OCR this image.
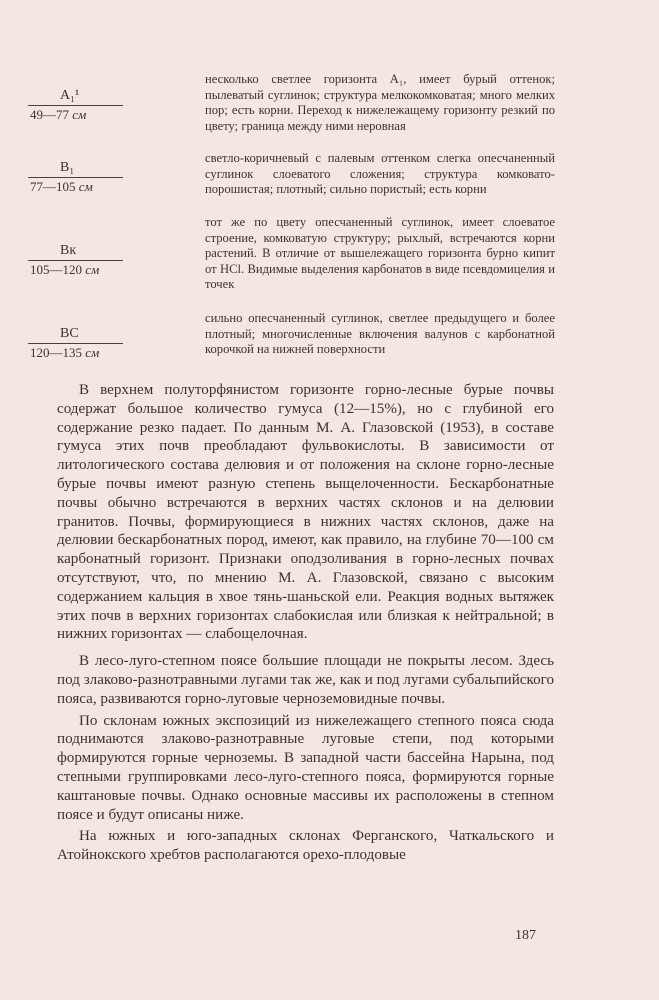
A₁¹
49—77 см
несколько светлее горизонта A₁, имеет бурый оттенок; пылеватый суглинок; структура мелкокомковатая; много мелких пор; есть корни. Переход к нижележащему горизонту резкий по цвету; граница между ними неровная
B₁
77—105 см
светло-коричневый с палевым оттенком слегка опесчаненный суглинок слоеватого сложения; структура комковато-порошистая; плотный; сильно пористый; есть корни
Bк
105—120 см
тот же по цвету опесчаненный суглинок, имеет слоеватое строение, комковатую структуру; рыхлый, встречаются корни растений. В отличие от вышележащего горизонта бурно кипит от HCl. Видимые выделения карбонатов в виде псевдомицелия и точек
BC
120—135 см
сильно опесчаненный суглинок, светлее предыдущего и более плотный; многочисленные включения валунов с карбонатной корочкой на нижней поверхности

В верхнем полуторфянистом горизонте горно-лесные бурые почвы содержат большое количество гумуса (12—15%), но с глубиной его содержание резко падает. По данным М. А. Глазовской (1953), в составе гумуса этих почв преобладают фульвокислоты. В зависимости от литологического состава делювия и от положения на склоне горно-лесные бурые почвы имеют разную степень выщелоченности. Бескарбонатные почвы обычно встречаются в верхних частях склонов и на делювии гранитов. Почвы, формирующиеся в нижних частях склонов, даже на делювии бескарбонатных пород, имеют, как правило, на глубине 70—100 см карбонатный горизонт. Признаки оподзоливания в горно-лесных почвах отсутствуют, что, по мнению М. А. Глазовской, связано с высоким содержанием кальция в хвое тянь-шаньской ели. Реакция водных вытяжек этих почв в верхних горизонтах слабокислая или близкая к нейтральной; в нижних горизонтах — слабощелочная.

В лесо-луго-степном поясе большие площади не покрыты лесом. Здесь под злаково-разнотравными лугами так же, как и под лугами субальпийского пояса, развиваются горно-луговые черноземовидные почвы.

По склонам южных экспозиций из нижележащего степного пояса сюда поднимаются злаково-разнотравные луговые степи, под которыми формируются горные черноземы. В западной части бассейна Нарына, под степными группировками лесо-луго-степного пояса, формируются горные каштановые почвы. Однако основные массивы их расположены в степном поясе и будут описаны ниже.

На южных и юго-западных склонах Ферганского, Чаткальского и Атойнокского хребтов располагаются орехо-плодовые

187
